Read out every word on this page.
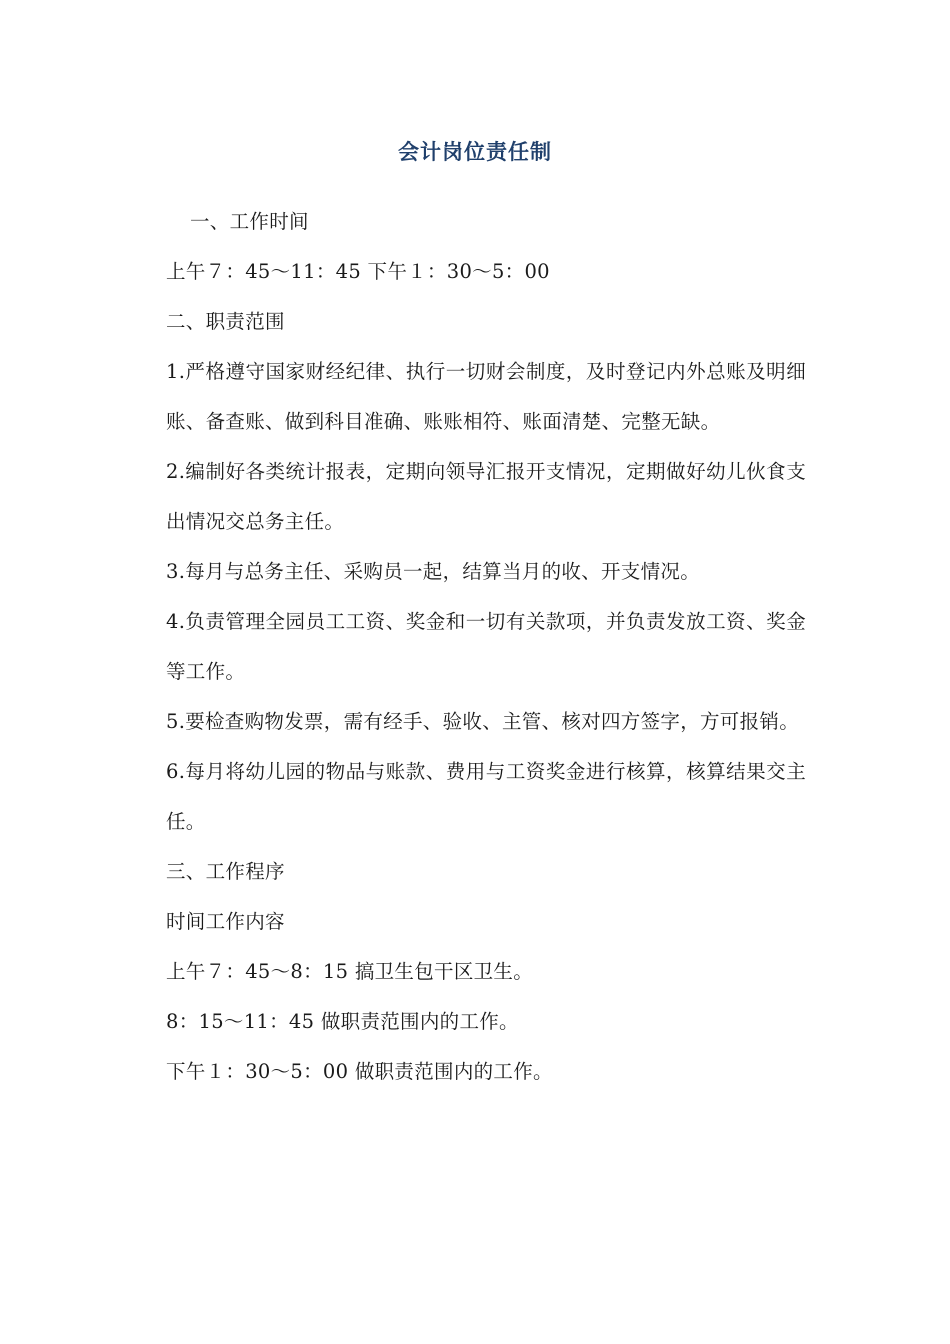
会计岗位责任制

一、工作时间

上午７：45～11：45 下午１：30～5：00

二、职责范围

1.严格遵守国家财经纪律、执行一切财会制度，及时登记内外总账及明细账、备查账、做到科目准确、账账相符、账面清楚、完整无缺。

2.编制好各类统计报表，定期向领导汇报开支情况，定期做好幼儿伙食支出情况交总务主任。

3.每月与总务主任、采购员一起，结算当月的收、开支情况。

4.负责管理全园员工工资、奖金和一切有关款项，并负责发放工资、奖金等工作。

5.要检查购物发票，需有经手、验收、主管、核对四方签字，方可报销。

6.每月将幼儿园的物品与账款、费用与工资奖金进行核算，核算结果交主任。

三、工作程序

时间工作内容

上午７：45～8：15 搞卫生包干区卫生。

8：15～11：45 做职责范围内的工作。

下午１：30～5：00 做职责范围内的工作。
